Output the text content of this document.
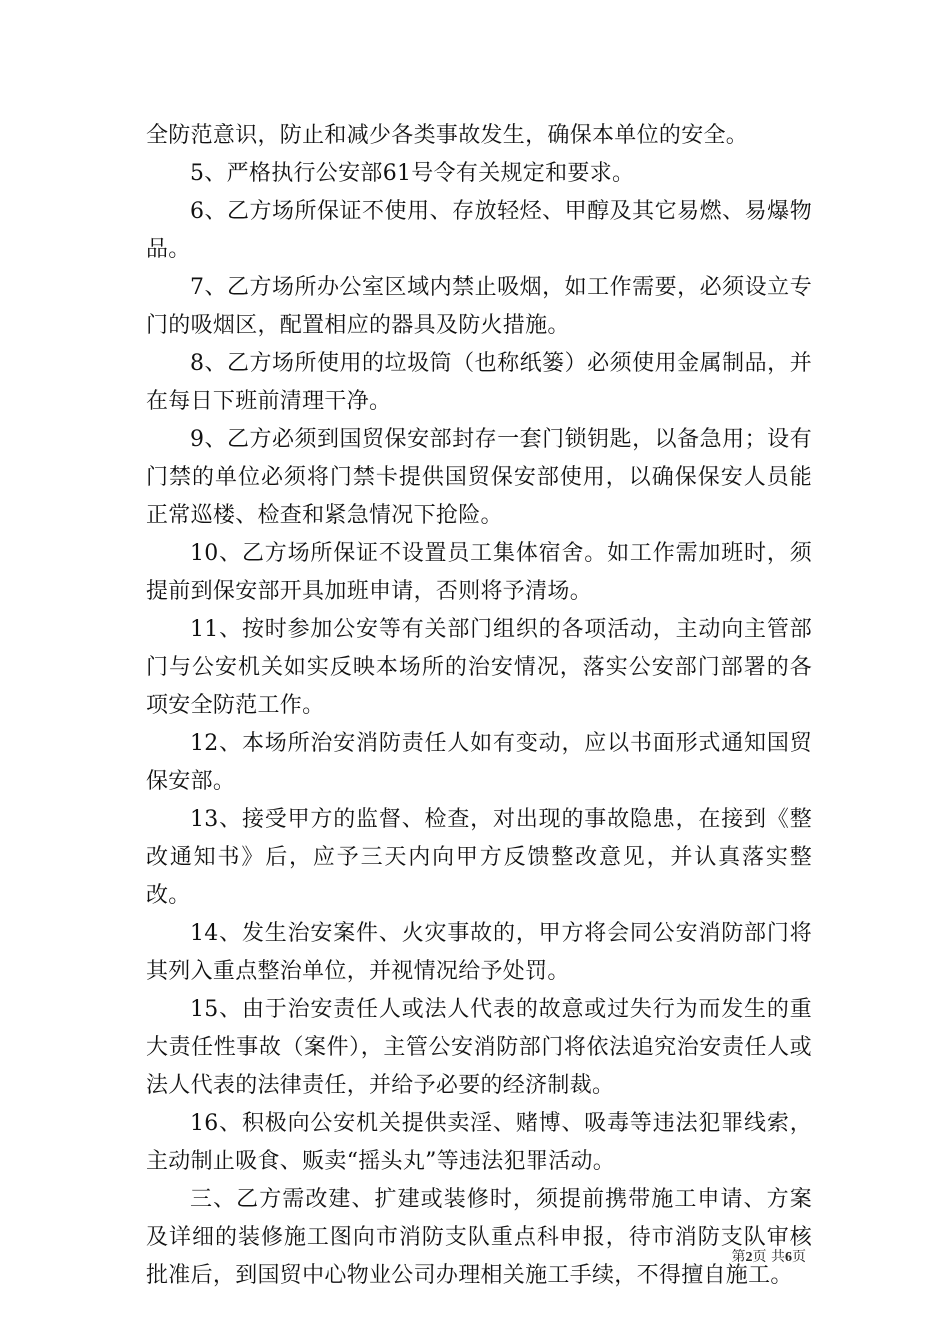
全防范意识，防止和减少各类事故发生，确保本单位的安全。

5、严格执行公安部61号令有关规定和要求。

6、乙方场所保证不使用、存放轻烃、甲醇及其它易燃、易爆物品。

7、乙方场所办公室区域内禁止吸烟，如工作需要，必须设立专门的吸烟区，配置相应的器具及防火措施。

8、乙方场所使用的垃圾筒（也称纸篓）必须使用金属制品，并在每日下班前清理干净。

9、乙方必须到国贸保安部封存一套门锁钥匙，以备急用；设有门禁的单位必须将门禁卡提供国贸保安部使用，以确保保安人员能正常巡楼、检查和紧急情况下抢险。

10、乙方场所保证不设置员工集体宿舍。如工作需加班时，须提前到保安部开具加班申请，否则将予清场。

11、按时参加公安等有关部门组织的各项活动，主动向主管部门与公安机关如实反映本场所的治安情况，落实公安部门部署的各项安全防范工作。

12、本场所治安消防责任人如有变动，应以书面形式通知国贸保安部。

13、接受甲方的监督、检查，对出现的事故隐患，在接到《整改通知书》后，应予三天内向甲方反馈整改意见，并认真落实整改。

14、发生治安案件、火灾事故的，甲方将会同公安消防部门将其列入重点整治单位，并视情况给予处罚。

15、由于治安责任人或法人代表的故意或过失行为而发生的重大责任性事故（案件），主管公安消防部门将依法追究治安责任人或法人代表的法律责任，并给予必要的经济制裁。

16、积极向公安机关提供卖淫、赌博、吸毒等违法犯罪线索，主动制止吸食、贩卖“摇头丸”等违法犯罪活动。

三、乙方需改建、扩建或装修时，须提前携带施工申请、方案及详细的装修施工图向市消防支队重点科申报，待市消防支队审核批准后，到国贸中心物业公司办理相关施工手续，不得擅自施工。

第2页 共6页
